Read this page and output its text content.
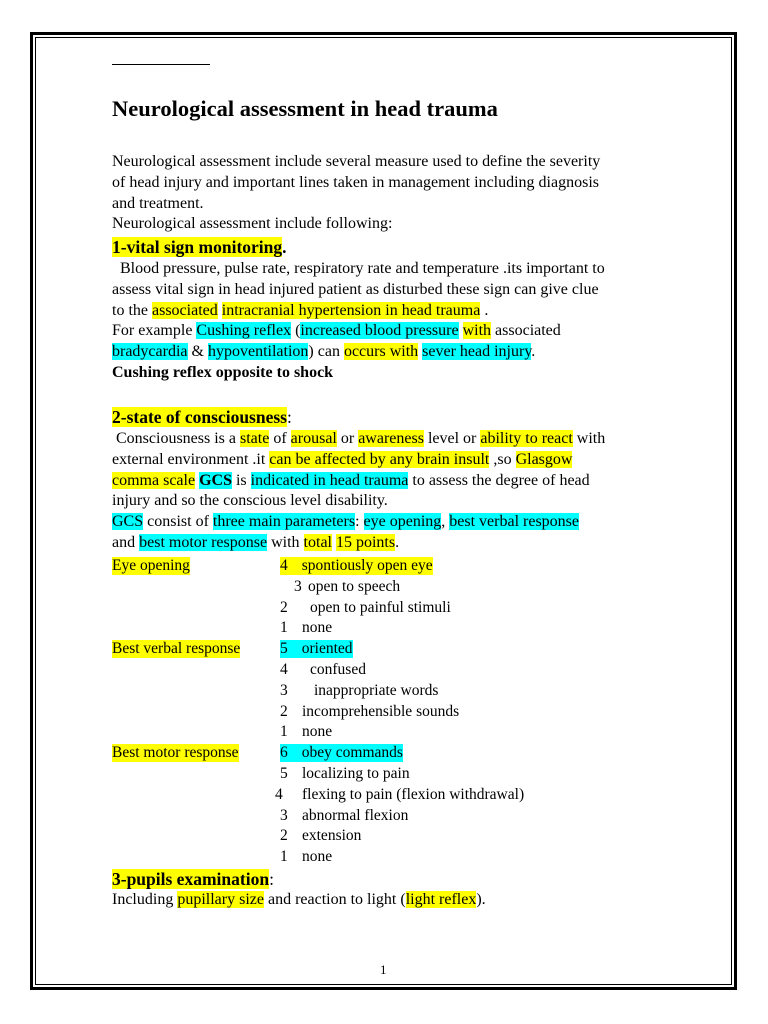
Neurological assessment in head trauma
Neurological assessment include several measure used to define the severity
of head injury and important lines taken in management including diagnosis
and treatment.
Neurological assessment include following:
1-vital sign monitoring.
Blood pressure, pulse rate, respiratory rate and temperature .its important to
assess vital sign in head injured patient as disturbed these sign can give clue
to the associated intracranial hypertension in head trauma .
For example Cushing reflex (increased blood pressure with associated
bradycardia & hypoventilation) can occurs with sever head injury.
Cushing reflex opposite to shock
2-state of consciousness:
Consciousness is a state of arousal or awareness level or ability to react with
external environment .it can be affected by any brain insult ,so Glasgow
comma scale GCS is indicated in head trauma to assess the degree of head
injury and so the conscious level disability.
GCS consist of three main parameters: eye opening, best verbal response
and best motor response with total 15 points.
Eye opening	4 spontiously open eye
3 open to speech
2 open to painful stimuli
1 none
Best verbal response	5 oriented
4 confused
3 inappropriate words
2 incomprehensible sounds
1 none
Best motor response	6 obey commands
5 localizing to pain
4 flexing to pain (flexion withdrawal)
3 abnormal flexion
2 extension
1 none
3-pupils examination:
Including pupillary size and reaction to light (light reflex).
1
